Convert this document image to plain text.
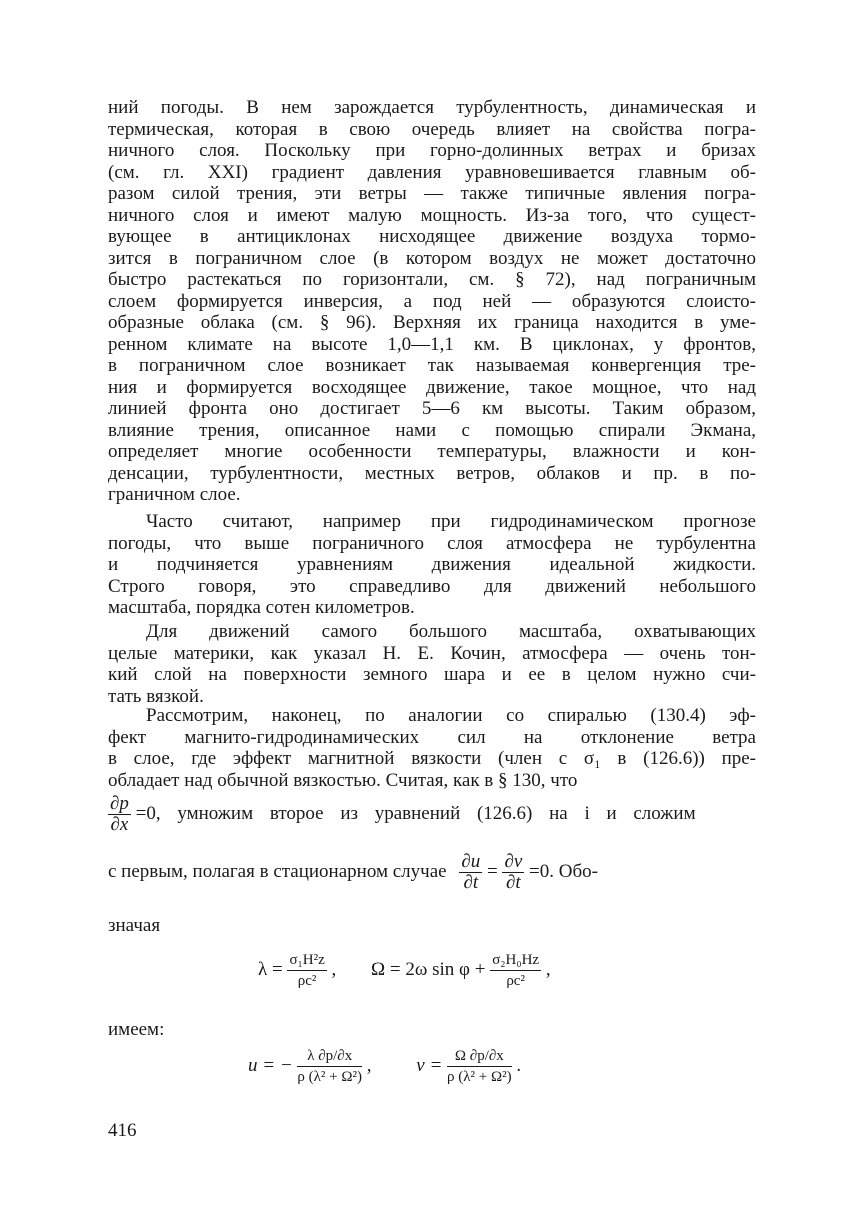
ний погоды. В нем зарождается турбулентность, динамическая и
термическая, которая в свою очередь влияет на свойства погра-
ничного слоя. Поскольку при горно-долинных ветрах и бризах
(см. гл. XXI) градиент давления уравновешивается главным об-
разом силой трения, эти ветры — также типичные явления погра-
ничного слоя и имеют малую мощность. Из-за того, что сущест-
вующее в антициклонах нисходящее движение воздуха тормо-
зится в пограничном слое (в котором воздух не может достаточно
быстро растекаться по горизонтали, см. § 72), над пограничным
слоем формируется инверсия, а под ней — образуются слоисто-
образные облака (см. § 96). Верхняя их граница находится в уме-
ренном климате на высоте 1,0—1,1 км. В циклонах, у фронтов,
в пограничном слое возникает так называемая конвергенция тре-
ния и формируется восходящее движение, такое мощное, что над
линией фронта оно достигает 5—6 км высоты. Таким образом,
влияние трения, описанное нами с помощью спирали Экмана,
определяет многие особенности температуры, влажности и кон-
денсации, турбулентности, местных ветров, облаков и пр. в по-
граничном слое.
Часто считают, например при гидродинамическом прогнозе
погоды, что выше пограничного слоя атмосфера не турбулентна
и подчиняется уравнениям движения идеальной жидкости.
Строго говоря, это справедливо для движений небольшого
масштаба, порядка сотен километров.
Для движений самого большого масштаба, охватывающих
целые материки, как указал Н. Е. Кочин, атмосфера — очень тон-
кий слой на поверхности земного шара и ее в целом нужно счи-
тать вязкой.
Рассмотрим, наконец, по аналогии со спиралью (130.4) эф-
фект магнито-гидродинамических сил на отклонение ветра
в слое, где эффект магнитной вязкости (член с σ₁ в (126.6)) пре-
обладает над обычной вязкостью. Считая, как в § 130, что
$\frac{\partial p}{\partial x} =0$, умножим второе из уравнений (126.6) на i и сложим
с первым, полагая в стационарном случае $\frac{\partial u}{\partial t} = \frac{\partial v}{\partial t} =0$. Обо-
значая
$\lambda = \frac{\text{σ₁H²z}}{\text{ρc²}}$ , Ω = 2ω $\sin \varphi + \frac{\text{σ₂H₀Hz}}{\text{ρc²}}$ ,
имеем:
u = − $\frac{\lambda \partial p/\partial x}{\text{ρ (λ² + Ω²)}}$ , $v = \frac{\Omega \partial p/\partial x}{\text{ρ (λ² + Ω²)}}$ .
416
